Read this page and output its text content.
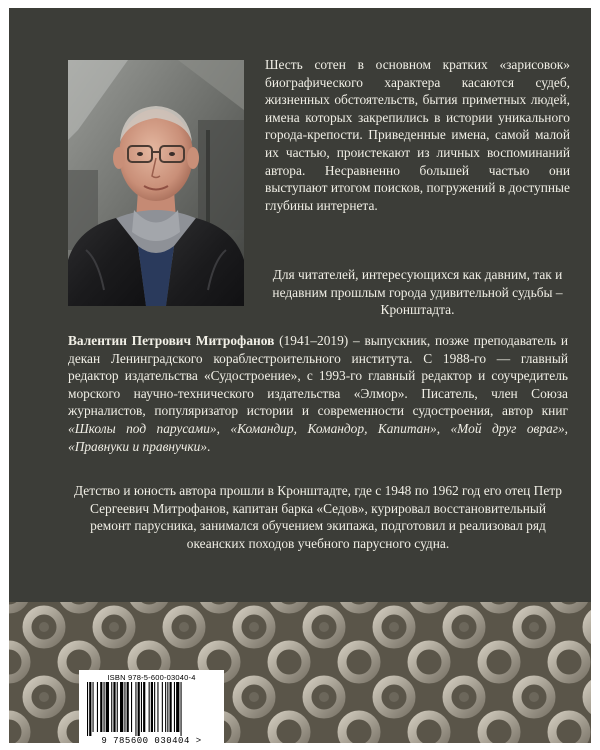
Шесть сотен в основном кратких «зарисовок» биографического характера касаются судеб, жизненных обстоятельств, бытия приметных людей, имена которых закрепились в истории уникального города-крепости. Приведенные имена, самой малой их частью, проистекают из личных воспоминаний автора. Несравненно большей частью они выступают итогом поисков, погружений в доступные глубины интернета.

Для читателей, интересующихся как давним, так и недавним прошлым города удивительной судьбы – Кронштадта.

Валентин Петрович Митрофанов (1941–2019) – выпускник, позже преподаватель и декан Ленинградского кораблестроительного института. С 1988-го — главный редактор издательства «Судостроение», с 1993-го главный редактор и соучредитель морского научно-технического издательства «Элмор». Писатель, член Союза журналистов, популяризатор истории и современности судостроения, автор книг «Школы под парусами», «Командир, Командор, Капитан», «Мой друг овраг», «Правнуки и правнучки».

Детство и юность автора прошли в Кронштадте, где с 1948 по 1962 год его отец Петр Сергеевич Митрофанов, капитан барка «Седов», курировал восстановительный ремонт парусника, занимался обучением экипажа, подготовил и реализовал ряд океанских походов учебного парусного судна.

ISBN 978-5-600-03040-4
9 785600 030404 >
